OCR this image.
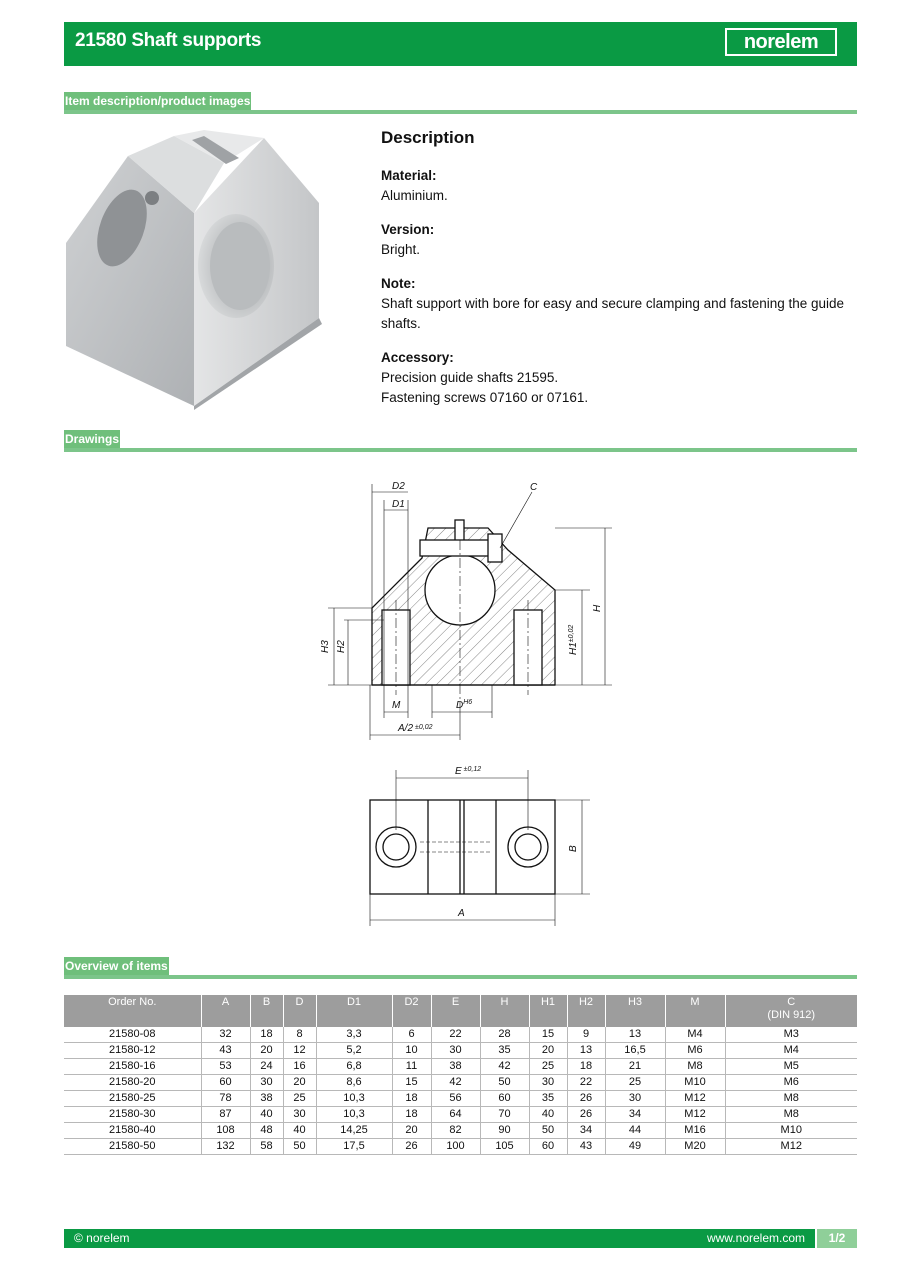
21580 Shaft supports	norelem
Item description/product images
Description
Material:
Aluminium.
Version:
Bright.
Note:
Shaft support with bore for easy and secure clamping and fastening the guide shafts.
Accessory:
Precision guide shafts 21595.
Fastening screws 07160 or 07161.
Drawings
D2
D1
C
H
$H1^{\pm 0,02}$
H3 H2
M	$D^{H6}$
A/2 $^{\pm 0,02}$
E $^{\pm 0,12}$
B
A
Overview of items
Order No.	A	B	D	D1	D2	E	H	H1	H2	H3	M	C
(DIN 912)

21580-08	32	18	8	3,3	6	22	28	15	9	13	M4	M3
21580-12	43	20	12	5,2	10	30	35	20	13	16,5	M6	M4
21580-16	53	24	16	6,8	11	38	42	25	18	21	M8	M5
21580-20	60	30	20	8,6	15	42	50	30	22	25	M10	M6
21580-25	78	38	25	10,3	18	56	60	35	26	30	M12	M8
21580-30	87	40	30	10,3	18	64	70	40	26	34	M12	M8
21580-40	108	48	40	14,25	20	82	90	50	34	44	M16	M10
21580-50	132	58	50	17,5	26	100	105	60	43	49	M20	M12
© norelem	www.norelem.com	1/2
